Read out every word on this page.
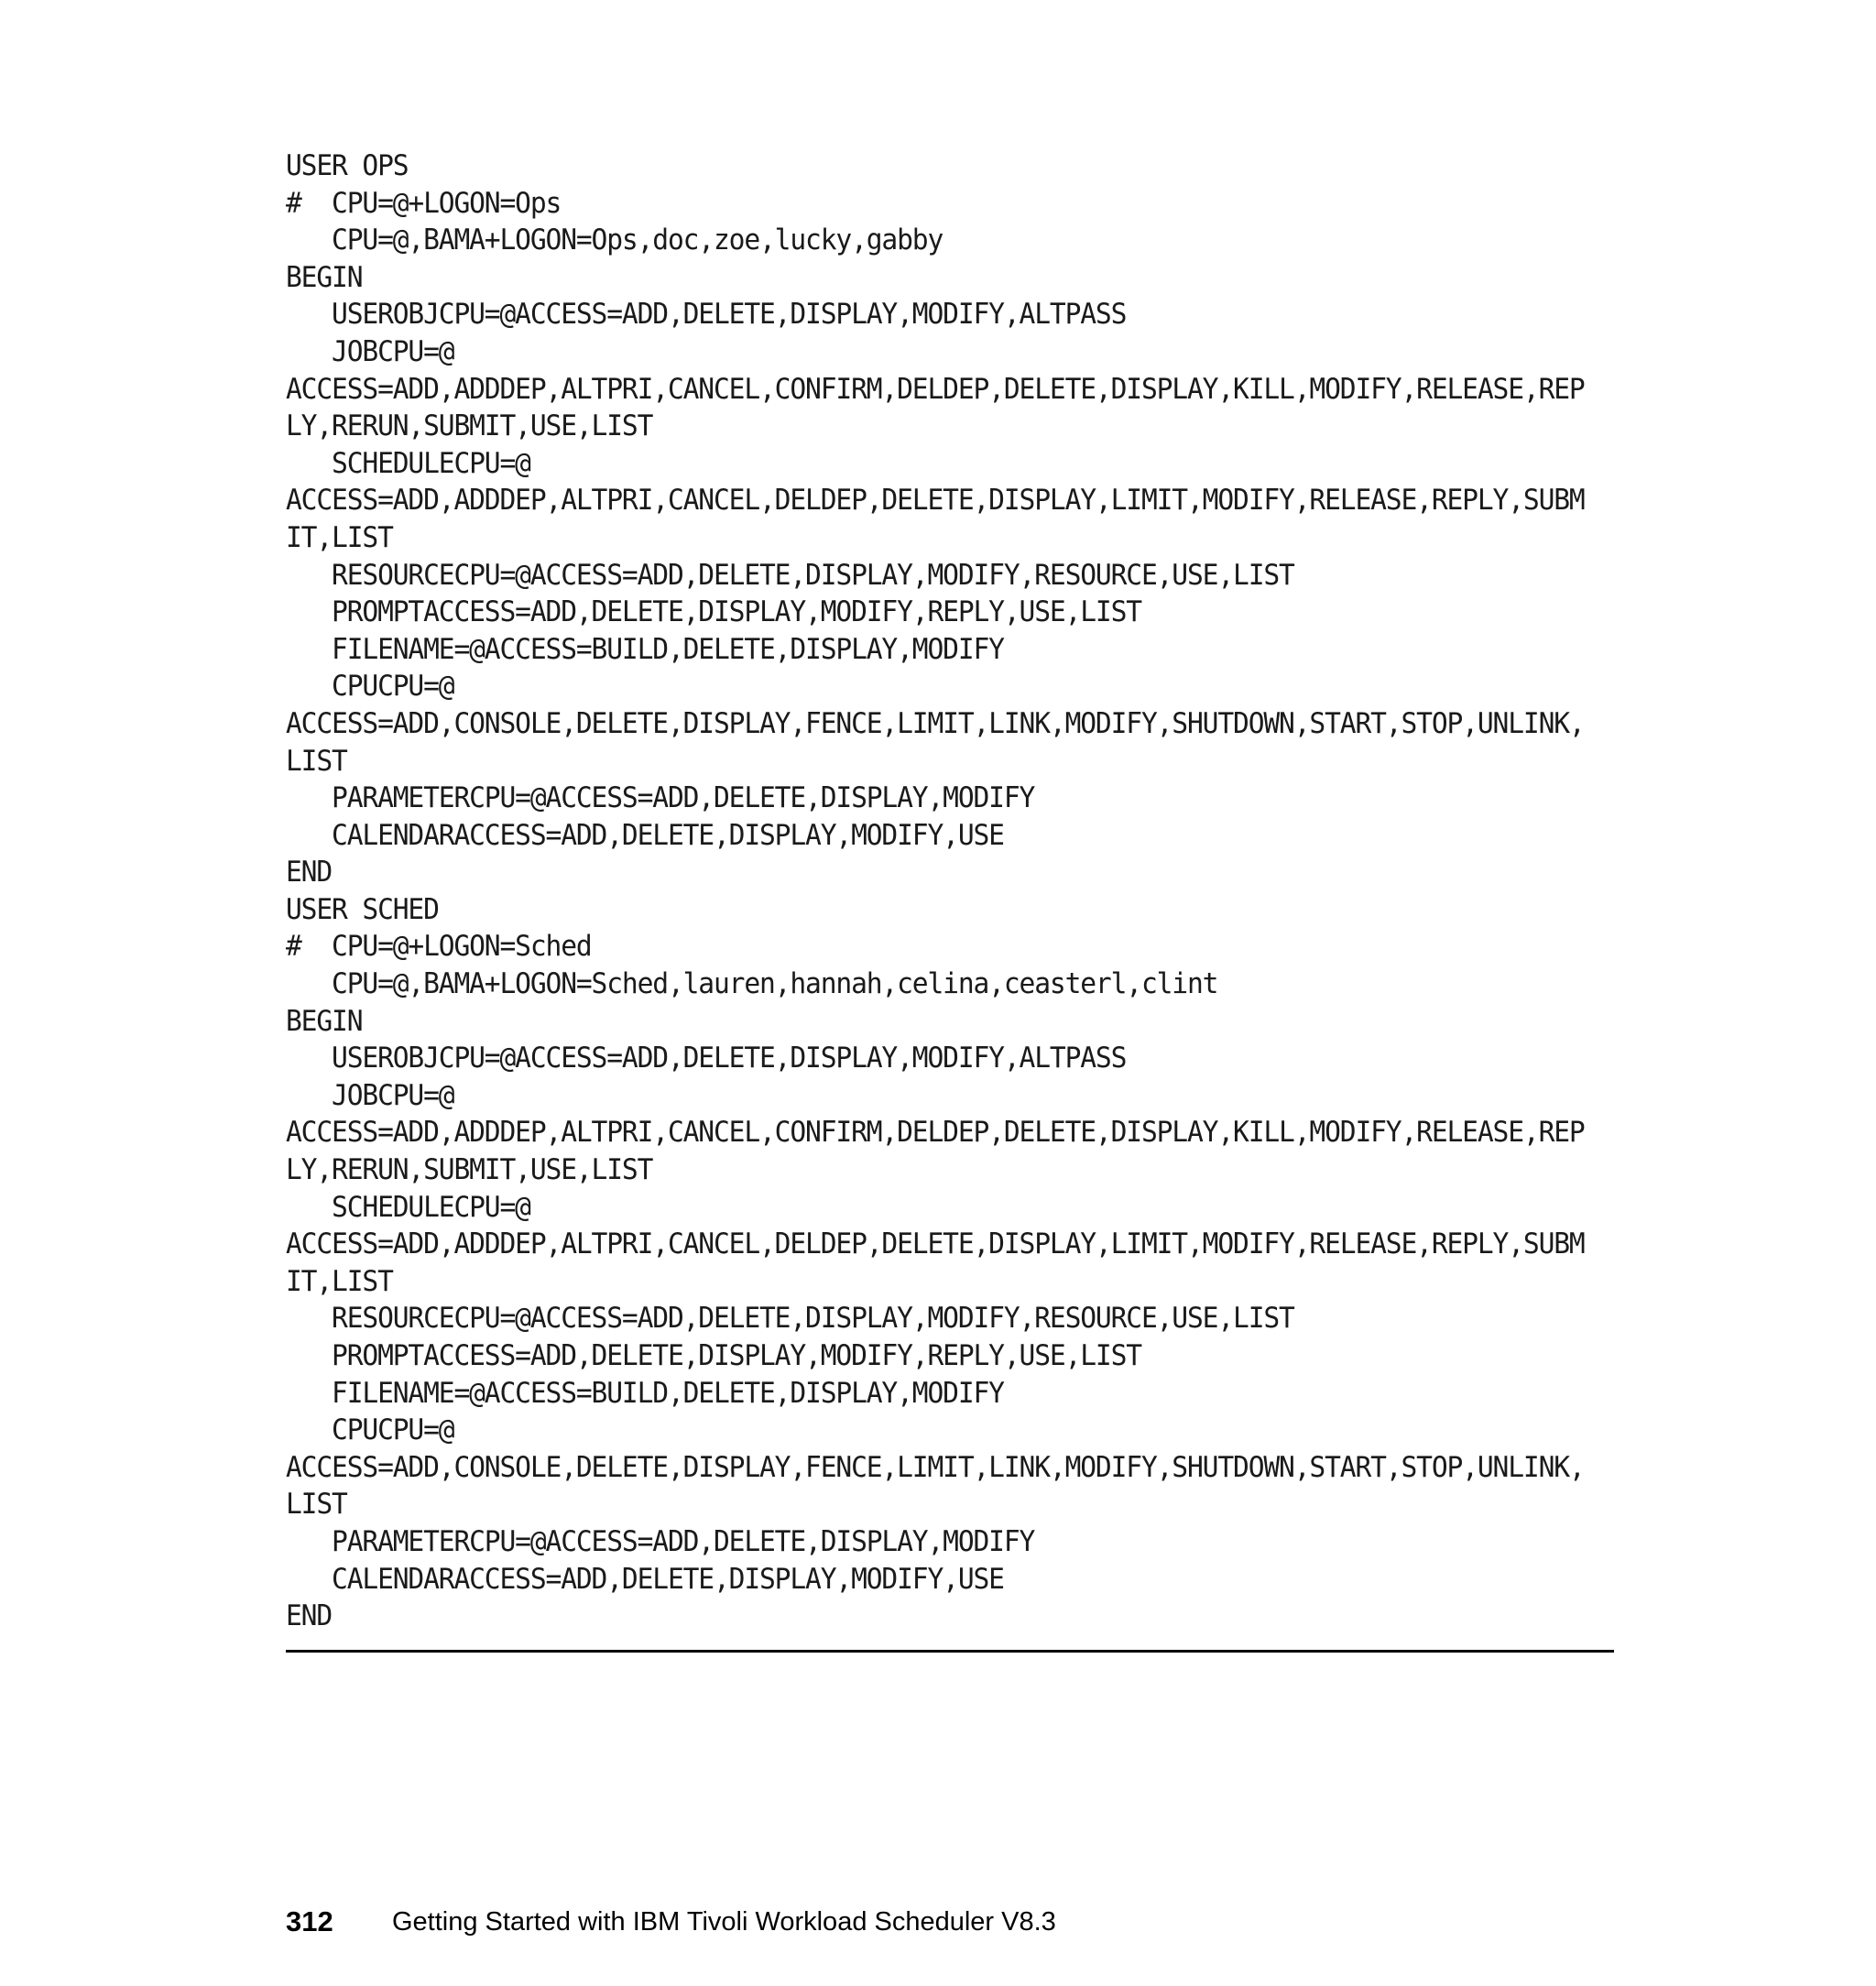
USER OPS
#  CPU=@+LOGON=Ops
CPU=@,BAMA+LOGON=Ops,doc,zoe,lucky,gabby
BEGIN
USEROBJCPU=@ACCESS=ADD,DELETE,DISPLAY,MODIFY,ALTPASS
JOBCPU=@
ACCESS=ADD,ADDDEP,ALTPRI,CANCEL,CONFIRM,DELDEP,DELETE,DISPLAY,KILL,MODIFY,RELEASE,REP
LY,RERUN,SUBMIT,USE,LIST
SCHEDULECPU=@
ACCESS=ADD,ADDDEP,ALTPRI,CANCEL,DELDEP,DELETE,DISPLAY,LIMIT,MODIFY,RELEASE,REPLY,SUBM
IT,LIST
RESOURCECPU=@ACCESS=ADD,DELETE,DISPLAY,MODIFY,RESOURCE,USE,LIST
PROMPTACCESS=ADD,DELETE,DISPLAY,MODIFY,REPLY,USE,LIST
FILENAME=@ACCESS=BUILD,DELETE,DISPLAY,MODIFY
CPUCPU=@
ACCESS=ADD,CONSOLE,DELETE,DISPLAY,FENCE,LIMIT,LINK,MODIFY,SHUTDOWN,START,STOP,UNLINK,
LIST
PARAMETERCPU=@ACCESS=ADD,DELETE,DISPLAY,MODIFY
CALENDARACCESS=ADD,DELETE,DISPLAY,MODIFY,USE
END
USER SCHED
#  CPU=@+LOGON=Sched
CPU=@,BAMA+LOGON=Sched,lauren,hannah,celina,ceasterl,clint
BEGIN
USEROBJCPU=@ACCESS=ADD,DELETE,DISPLAY,MODIFY,ALTPASS
JOBCPU=@
ACCESS=ADD,ADDDEP,ALTPRI,CANCEL,CONFIRM,DELDEP,DELETE,DISPLAY,KILL,MODIFY,RELEASE,REP
LY,RERUN,SUBMIT,USE,LIST
SCHEDULECPU=@
ACCESS=ADD,ADDDEP,ALTPRI,CANCEL,DELDEP,DELETE,DISPLAY,LIMIT,MODIFY,RELEASE,REPLY,SUBM
IT,LIST
RESOURCECPU=@ACCESS=ADD,DELETE,DISPLAY,MODIFY,RESOURCE,USE,LIST
PROMPTACCESS=ADD,DELETE,DISPLAY,MODIFY,REPLY,USE,LIST
FILENAME=@ACCESS=BUILD,DELETE,DISPLAY,MODIFY
CPUCPU=@
ACCESS=ADD,CONSOLE,DELETE,DISPLAY,FENCE,LIMIT,LINK,MODIFY,SHUTDOWN,START,STOP,UNLINK,
LIST
PARAMETERCPU=@ACCESS=ADD,DELETE,DISPLAY,MODIFY
CALENDARACCESS=ADD,DELETE,DISPLAY,MODIFY,USE
END
312	Getting Started with IBM Tivoli Workload Scheduler V8.3
